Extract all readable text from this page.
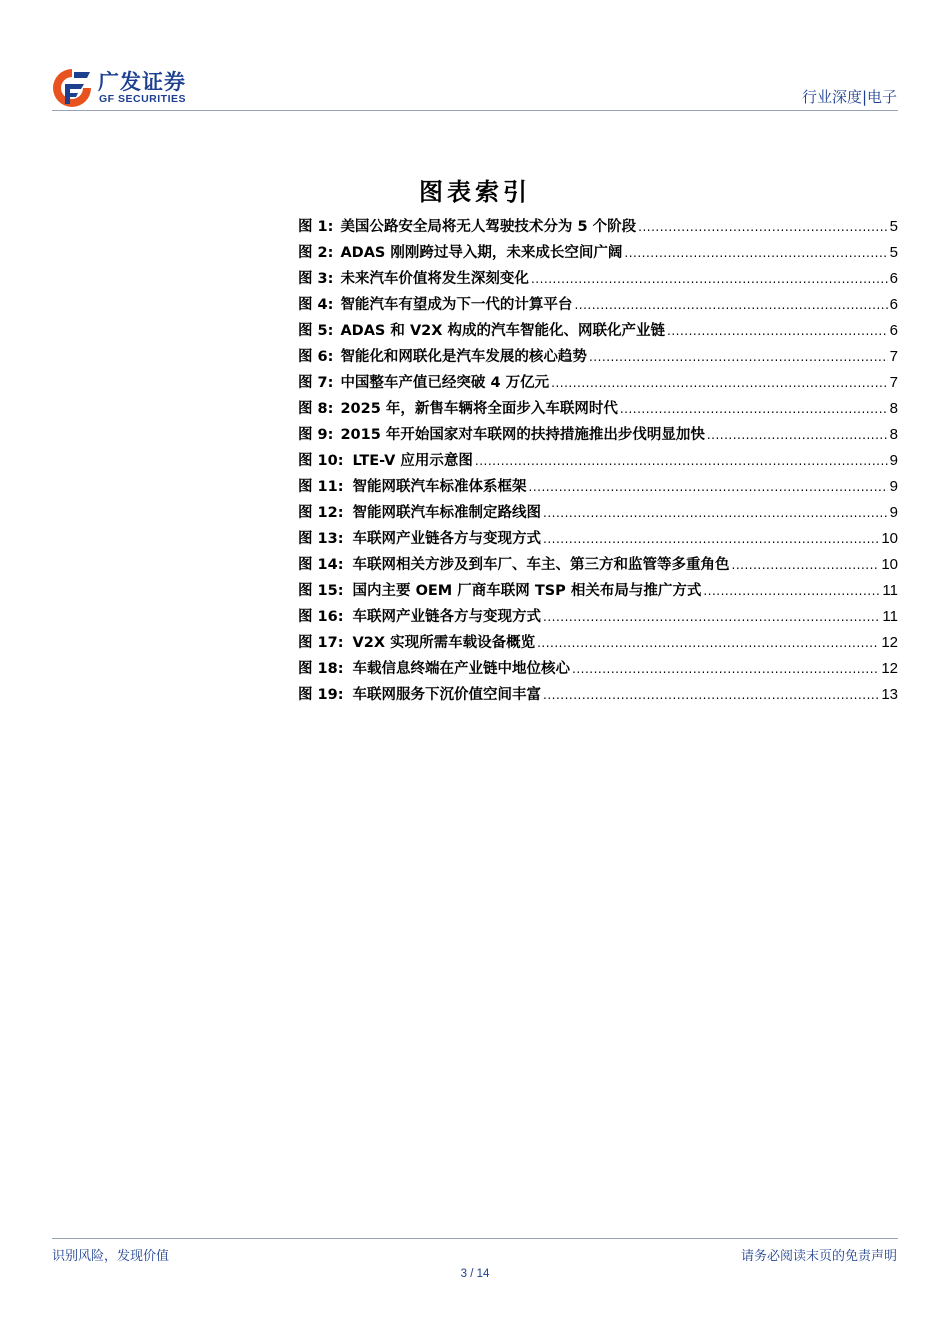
广发证券
GF SECURITIES	行业深度|电子
图表索引
图 1:
美国公路安全局将无人驾驶技术分为 5 个阶段 .....	5
图 2:
ADAS 刚刚跨过导入期，未来成长空间广阔 .....	5
图 3:
未来汽车价值将发生深刻变化 .....	6
图 4:
智能汽车有望成为下一代的计算平台 .....	6
图 5:
ADAS 和 V2X 构成的汽车智能化、网联化产业链 .....	6
图 6:
智能化和网联化是汽车发展的核心趋势 .....	7
图 7:
中国整车产值已经突破 4 万亿元 .....	7
图 8:
2025 年，新售车辆将全面步入车联网时代 .....	8
图 9:
2015 年开始国家对车联网的扶持措施推出步伐明显加快 .....	8
图 10:
LTE-V 应用示意图 .....	9
图 11:
智能网联汽车标准体系框架 .....	9
图 12:
智能网联汽车标准制定路线图 .....	9
图 13:
车联网产业链各方与变现方式 .....	10
图 14:
车联网相关方涉及到车厂、车主、第三方和监管等多重角色 .....	10
图 15:
国内主要 OEM 厂商车联网 TSP 相关布局与推广方式 .....	11
图 16:
车联网产业链各方与变现方式 .....	11
图 17:
V2X 实现所需车载设备概览 .....	12
图 18:
车载信息终端在产业链中地位核心 .....	12
图 19:
车联网服务下沉价值空间丰富 .....	13
识别风险，发现价值	请务必阅读末页的免责声明
3 / 14
